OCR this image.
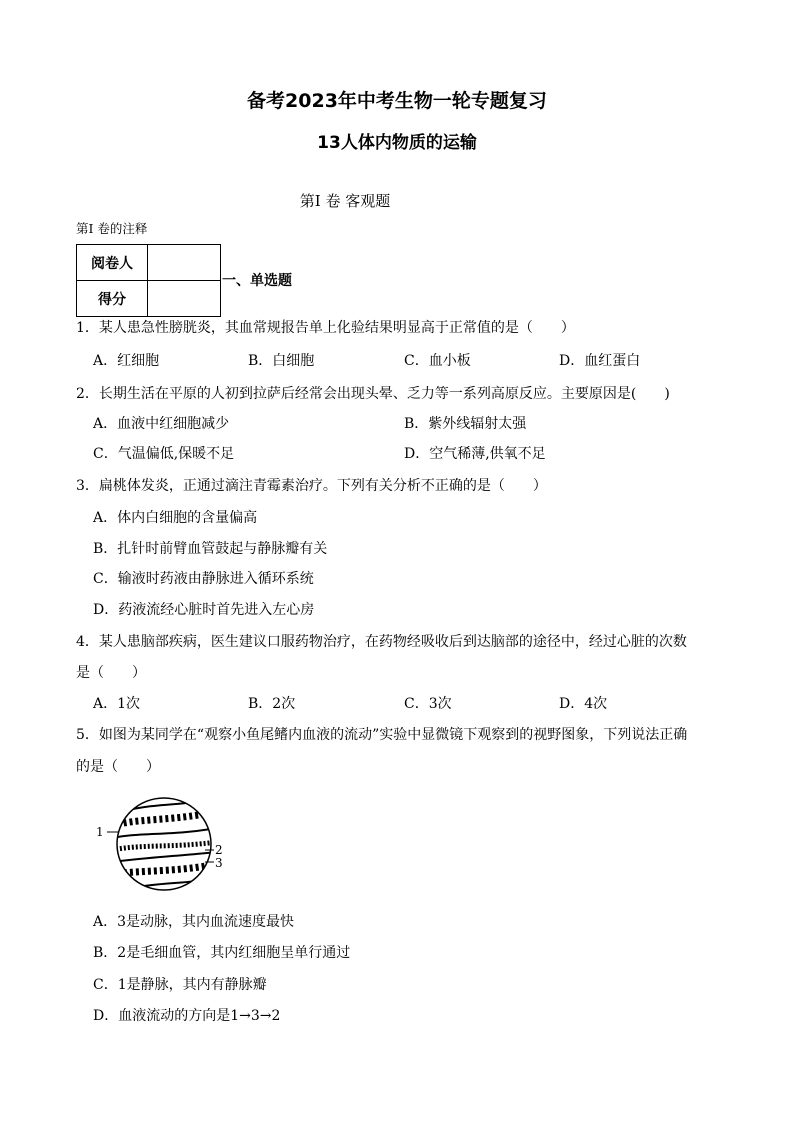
备考2023年中考生物一轮专题复习
13人体内物质的运输
第I 卷 客观题
第I 卷的注释
阅卷人	
得分	
一、单选题
1．某人患急性膀胱炎，其血常规报告单上化验结果明显高于正常值的是（　　）
A．红细胞	B．白细胞	C．血小板	D．血红蛋白
2．长期生活在平原的人初到拉萨后经常会出现头晕、乏力等一系列高原反应。主要原因是(　　)
A．血液中红细胞减少	B．紫外线辐射太强
C．气温偏低,保暖不足	D．空气稀薄,供氧不足
3．扁桃体发炎，正通过滴注青霉素治疗。下列有关分析不正确的是（　　）
A．体内白细胞的含量偏高
B．扎针时前臂血管鼓起与静脉瓣有关
C．输液时药液由静脉进入循环系统
D．药液流经心脏时首先进入左心房
4．某人患脑部疾病，医生建议口服药物治疗，在药物经吸收后到达脑部的途径中，经过心脏的次数
是（　　）
A．1次	B．2次	C．3次	D．4次
5．如图为某同学在“观察小鱼尾鳍内血液的流动”实验中显微镜下观察到的视野图象，下列说法正确
的是（　　）
1
2
3
A．3是动脉，其内血流速度最快
B．2是毛细血管，其内红细胞呈单行通过
C．1是静脉，其内有静脉瓣
D．血液流动的方向是1→3→2
